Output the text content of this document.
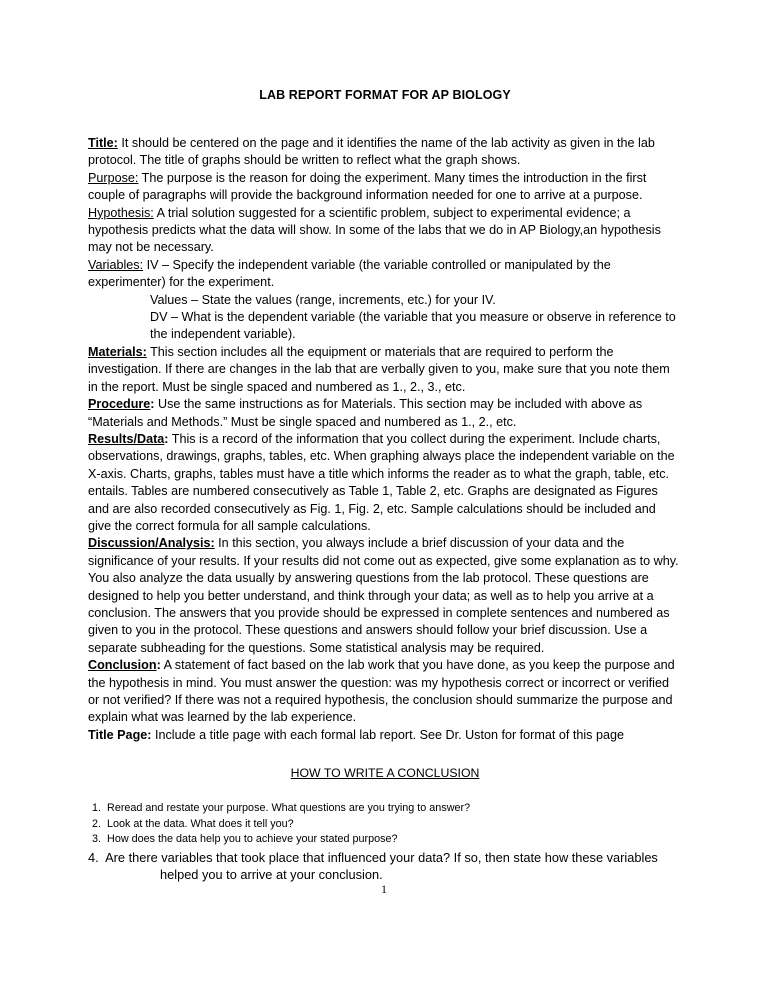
LAB REPORT FORMAT FOR AP BIOLOGY

Title: It should be centered on the page and it identifies the name of the lab activity as given in the lab protocol. The title of graphs should be written to reflect what the graph shows.

Purpose: The purpose is the reason for doing the experiment. Many times the introduction in the first couple of paragraphs will provide the background information needed for one to arrive at a purpose.

Hypothesis: A trial solution suggested for a scientific problem, subject to experimental evidence; a hypothesis predicts what the data will show. In some of the labs that we do in AP Biology,an hypothesis may not be necessary.

Variables: IV – Specify the independent variable (the variable controlled or manipulated by the experimenter) for the experiment.

Values – State the values (range, increments, etc.) for your IV.

DV – What is the dependent variable (the variable that you measure or observe in reference to the independent variable).

Materials: This section includes all the equipment or materials that are required to perform the investigation. If there are changes in the lab that are verbally given to you, make sure that you note them in the report. Must be single spaced and numbered as 1., 2., 3., etc.

Procedure: Use the same instructions as for Materials. This section may be included with above as “Materials and Methods.” Must be single spaced and numbered as 1., 2., etc.

Results/Data: This is a record of the information that you collect during the experiment. Include charts, observations, drawings, graphs, tables, etc. When graphing always place the independent variable on the X-axis. Charts, graphs, tables must have a title which informs the reader as to what the graph, table, etc. entails. Tables are numbered consecutively as Table 1, Table 2, etc. Graphs are designated as Figures and are also recorded consecutively as Fig. 1, Fig. 2, etc. Sample calculations should be included and give the correct formula for all sample calculations.

Discussion/Analysis: In this section, you always include a brief discussion of your data and the significance of your results. If your results did not come out as expected, give some explanation as to why. You also analyze the data usually by answering questions from the lab protocol. These questions are designed to help you better understand, and think through your data; as well as to help you arrive at a conclusion. The answers that you provide should be expressed in complete sentences and numbered as given to you in the protocol. These questions and answers should follow your brief discussion. Use a separate subheading for the questions. Some statistical analysis may be required.

Conclusion: A statement of fact based on the lab work that you have done, as you keep the purpose and the hypothesis in mind. You must answer the question: was my hypothesis correct or incorrect or verified or not verified? If there was not a required hypothesis, the conclusion should summarize the purpose and explain what was learned by the lab experience.

Title Page: Include a title page with each formal lab report. See Dr. Uston for format of this page

HOW TO WRITE A CONCLUSION
1. Reread and restate your purpose. What questions are you trying to answer?
2. Look at the data. What does it tell you?
3. How does the data help you to achieve your stated purpose?
4. Are there variables that took place that influenced your data? If so, then state how these variables
helped you to arrive at your conclusion.
1
